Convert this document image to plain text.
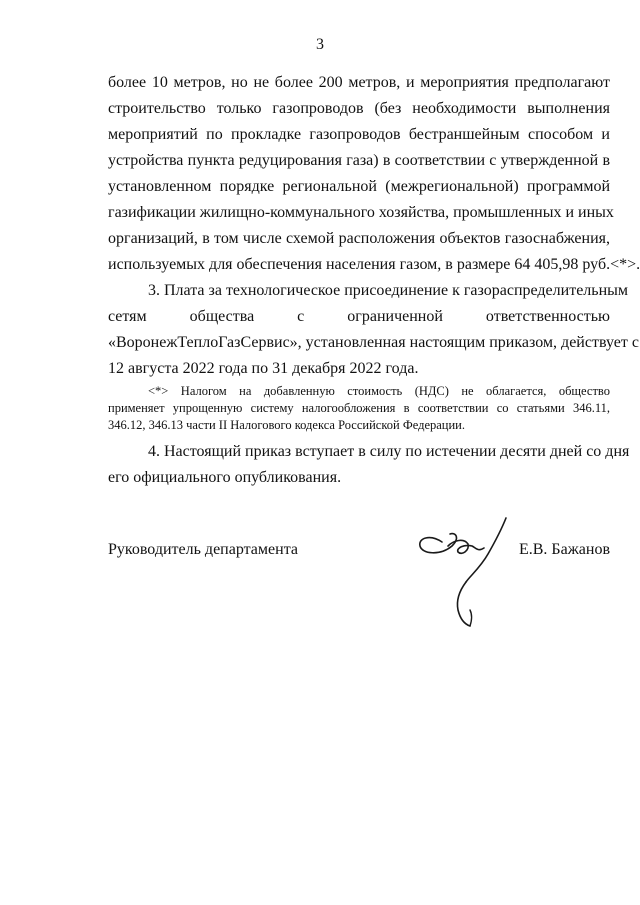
3
более 10 метров, но не более 200 метров, и мероприятия предполагают
строительство только газопроводов (без необходимости выполнения
мероприятий по прокладке газопроводов бестраншейным способом и
устройства пункта редуцирования газа) в соответствии с утвержденной в
установленном порядке региональной (межрегиональной) программой
газификации жилищно-коммунального хозяйства, промышленных и иных
организаций, в том числе схемой расположения объектов газоснабжения,
используемых для обеспечения населения газом, в размере 64 405,98 руб.<*>.
3. Плата за технологическое присоединение к газораспределительным
сетям	общества	с	ограниченной	ответственностью
«ВоронежТеплоГазСервис», установленная настоящим приказом, действует с
12 августа 2022 года по 31 декабря 2022 года.
<*> Налогом на добавленную стоимость (НДС) не облагается, общество
применяет упрощенную систему налогообложения в соответствии со статьями 346.11,
346.12, 346.13 части II Налогового кодекса Российской Федерации.
4. Настоящий приказ вступает в силу по истечении десяти дней со дня
его официального опубликования.
Руководитель департамента	Е.В. Бажанов
